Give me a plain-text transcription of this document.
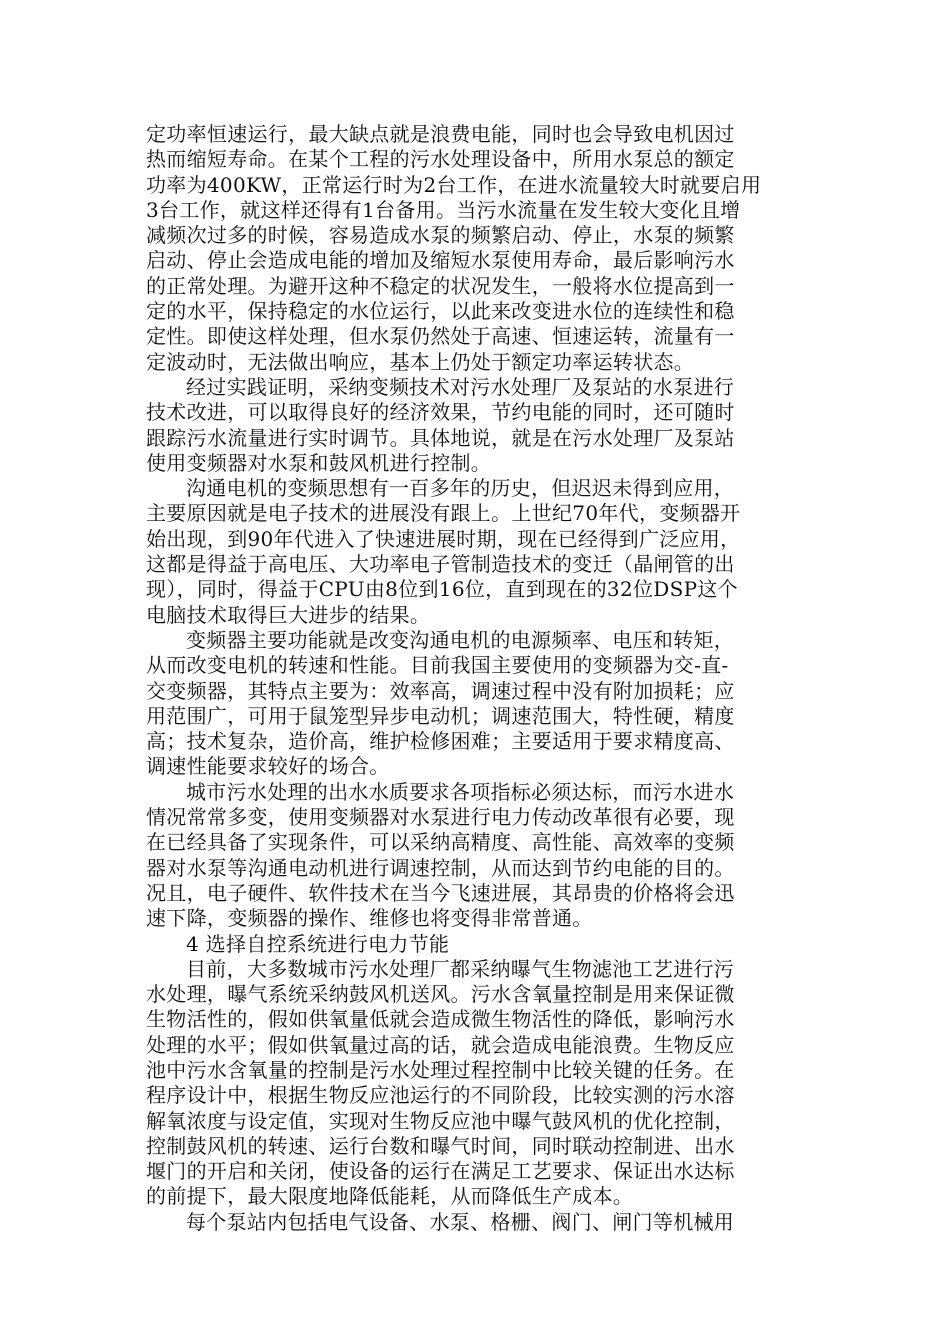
定功率恒速运行，最大缺点就是浪费电能，同时也会导致电机因过
热而缩短寿命。在某个工程的污水处理设备中，所用水泵总的额定
功率为400KW，正常运行时为2台工作，在进水流量较大时就要启用
3台工作，就这样还得有1台备用。当污水流量在发生较大变化且增
减频次过多的时候，容易造成水泵的频繁启动、停止，水泵的频繁
启动、停止会造成电能的增加及缩短水泵使用寿命，最后影响污水
的正常处理。为避开这种不稳定的状况发生，一般将水位提高到一
定的水平，保持稳定的水位运行，以此来改变进水位的连续性和稳
定性。即使这样处理，但水泵仍然处于高速、恒速运转，流量有一
定波动时，无法做出响应，基本上仍处于额定功率运转状态。
经过实践证明，采纳变频技术对污水处理厂及泵站的水泵进行
技术改进，可以取得良好的经济效果，节约电能的同时，还可随时
跟踪污水流量进行实时调节。具体地说，就是在污水处理厂及泵站
使用变频器对水泵和鼓风机进行控制。
沟通电机的变频思想有一百多年的历史，但迟迟未得到应用，
主要原因就是电子技术的进展没有跟上。上世纪70年代，变频器开
始出现，到90年代进入了快速进展时期，现在已经得到广泛应用，
这都是得益于高电压、大功率电子管制造技术的变迁（晶闸管的出
现），同时，得益于CPU由8位到16位，直到现在的32位DSP这个
电脑技术取得巨大进步的结果。
变频器主要功能就是改变沟通电机的电源频率、电压和转矩，
从而改变电机的转速和性能。目前我国主要使用的变频器为交-直-
交变频器，其特点主要为：效率高，调速过程中没有附加损耗；应
用范围广，可用于鼠笼型异步电动机；调速范围大，特性硬，精度
高；技术复杂，造价高，维护检修困难；主要适用于要求精度高、
调速性能要求较好的场合。
城市污水处理的出水水质要求各项指标必须达标，而污水进水
情况常常多变，使用变频器对水泵进行电力传动改革很有必要，现
在已经具备了实现条件，可以采纳高精度、高性能、高效率的变频
器对水泵等沟通电动机进行调速控制，从而达到节约电能的目的。
况且，电子硬件、软件技术在当今飞速进展，其昂贵的价格将会迅
速下降，变频器的操作、维修也将变得非常普通。
4 选择自控系统进行电力节能
目前，大多数城市污水处理厂都采纳曝气生物滤池工艺进行污
水处理，曝气系统采纳鼓风机送风。污水含氧量控制是用来保证微
生物活性的，假如供氧量低就会造成微生物活性的降低，影响污水
处理的水平；假如供氧量过高的话，就会造成电能浪费。生物反应
池中污水含氧量的控制是污水处理过程控制中比较关键的任务。在
程序设计中，根据生物反应池运行的不同阶段，比较实测的污水溶
解氧浓度与设定值，实现对生物反应池中曝气鼓风机的优化控制，
控制鼓风机的转速、运行台数和曝气时间，同时联动控制进、出水
堰门的开启和关闭，使设备的运行在满足工艺要求、保证出水达标
的前提下，最大限度地降低能耗，从而降低生产成本。
每个泵站内包括电气设备、水泵、格栅、阀门、闸门等机械用
